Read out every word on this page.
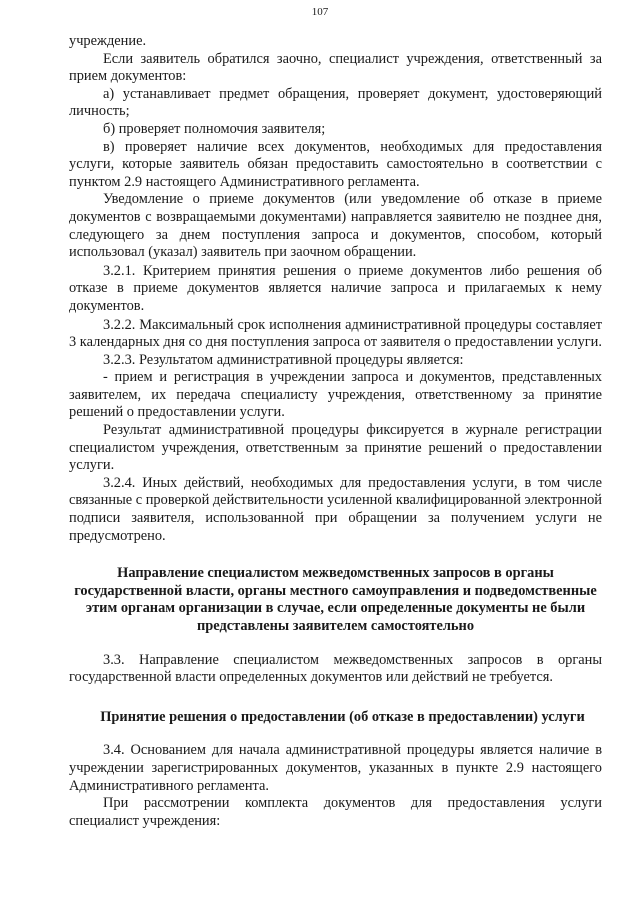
107

учреждение.

Если заявитель обратился заочно, специалист учреждения, ответственный за прием документов:

а) устанавливает предмет обращения, проверяет документ, удостоверяющий личность;

б) проверяет полномочия заявителя;

в) проверяет наличие всех документов, необходимых для предоставления услуги, которые заявитель обязан предоставить самостоятельно в соответствии с пунктом 2.9 настоящего Административного регламента.

Уведомление о приеме документов (или уведомление об отказе в приеме документов с возвращаемыми документами) направляется заявителю не позднее дня, следующего за днем поступления запроса и документов, способом, который использовал (указал) заявитель при заочном обращении.

3.2.1. Критерием принятия решения о приеме документов либо решения об отказе в приеме документов является наличие запроса и прилагаемых к нему документов.

3.2.2. Максимальный срок исполнения административной процедуры составляет 3 календарных дня со дня поступления запроса от заявителя о предоставлении услуги.

3.2.3. Результатом административной процедуры является:

- прием и регистрация в учреждении запроса и документов, представленных заявителем, их передача специалисту учреждения, ответственному за принятие решений о предоставлении услуги.

Результат административной процедуры фиксируется в журнале регистрации специалистом учреждения, ответственным за принятие решений о предоставлении услуги.

3.2.4. Иных действий, необходимых для предоставления услуги, в том числе связанные с проверкой действительности усиленной квалифицированной электронной подписи заявителя, использованной при обращении за получением услуги не предусмотрено.

Направление специалистом межведомственных запросов в органы государственной власти, органы местного самоуправления и подведомственные этим органам организации в случае, если определенные документы не были представлены заявителем самостоятельно

3.3. Направление специалистом межведомственных запросов в органы государственной власти определенных документов или действий не требуется.

Принятие решения о предоставлении (об отказе в предоставлении) услуги

3.4. Основанием для начала административной процедуры является наличие в учреждении зарегистрированных документов, указанных в пункте 2.9 настоящего Административного регламента.

При рассмотрении комплекта документов для предоставления услуги специалист учреждения:
